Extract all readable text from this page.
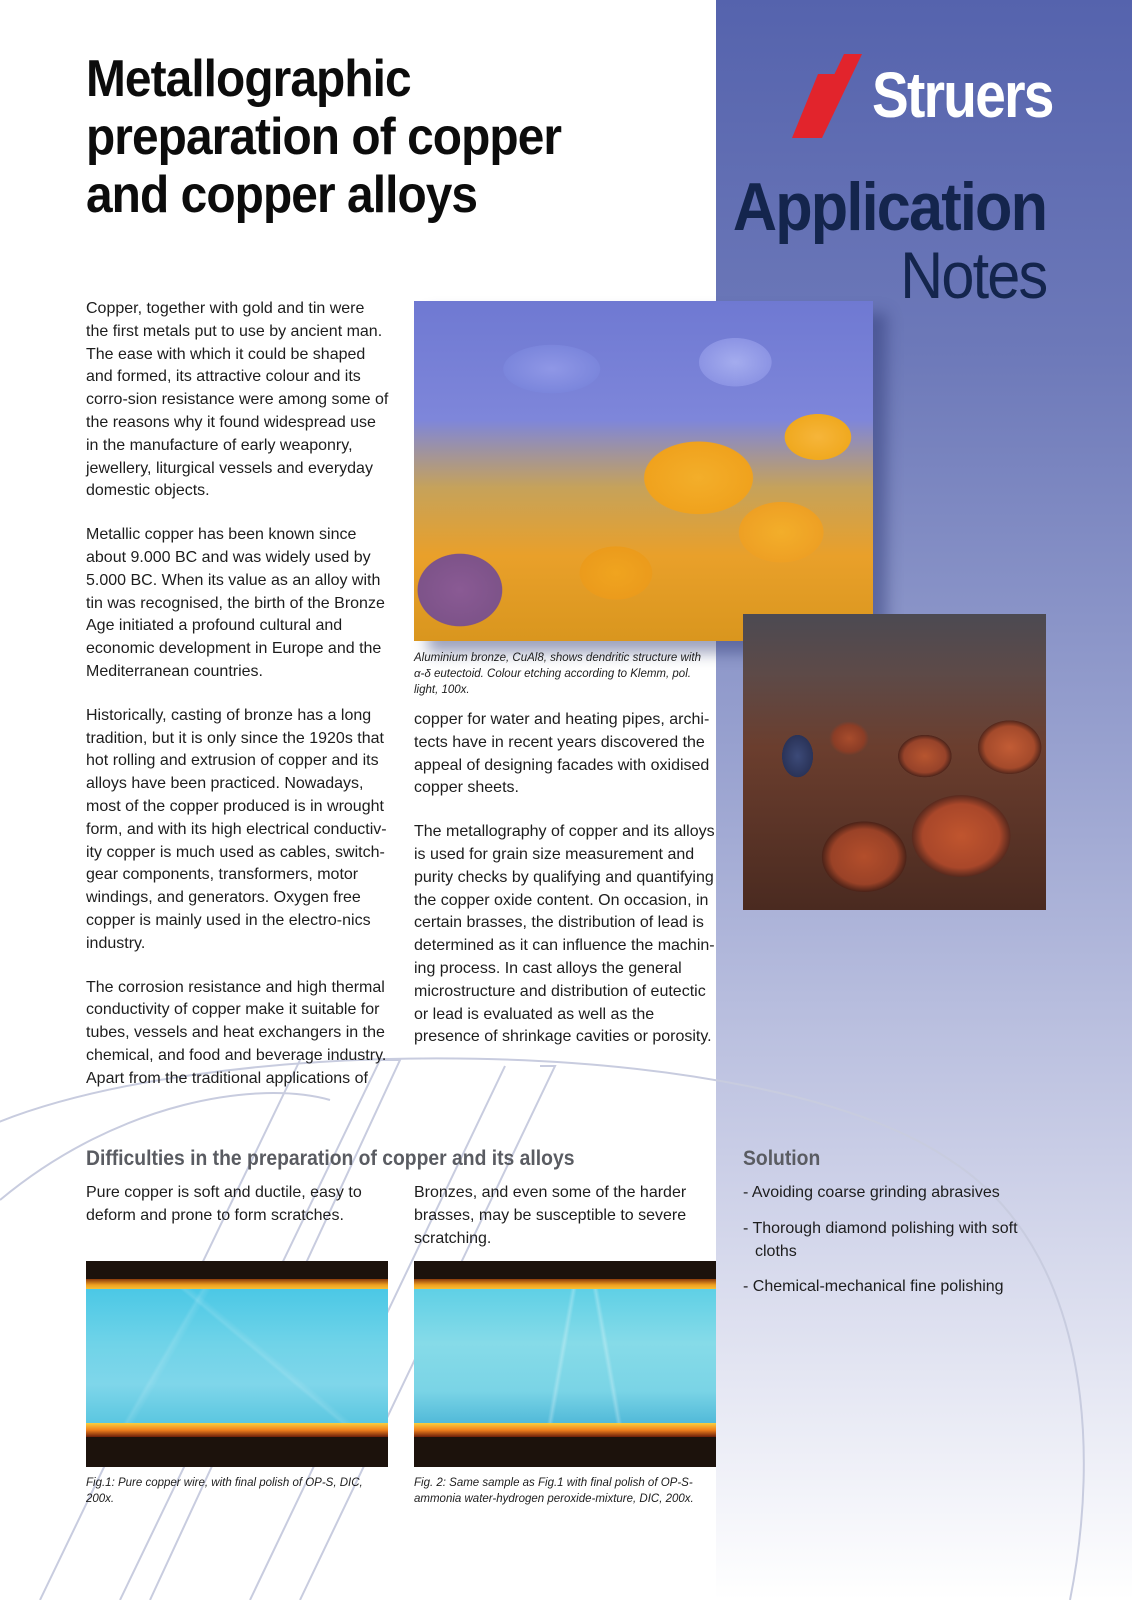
Metallographic preparation of copper and copper alloys
Struers
Application
Notes

Copper, together with gold and tin were the first metals put to use by ancient man. The ease with which it could be shaped and formed, its attractive colour and its corro-sion resistance were among some of the reasons why it found widespread use in the manufacture of early weaponry, jewellery, liturgical vessels and everyday domestic objects.

Metallic copper has been known since about 9.000 BC and was widely used by 5.000 BC. When its value as an alloy with tin was recognised, the birth of the Bronze Age initiated a profound cultural and economic development in Europe and the Mediterranean countries.

Historically, casting of bronze has a long tradition, but it is only since the 1920s that hot rolling and extrusion of copper and its alloys have been practiced. Nowadays, most of the copper produced is in wrought form, and with its high electrical conductiv-ity copper is much used as cables, switch-gear components, transformers, motor windings, and generators. Oxygen free copper is mainly used in the electro-nics industry.

The corrosion resistance and high thermal conductivity of copper make it suitable for tubes, vessels and heat exchangers in the chemical, and food and beverage industry. Apart from the traditional applications of

Aluminium bronze, CuAl8, shows dendritic structure with α-δ eutectoid. Colour etching according to Klemm, pol. light, 100x.

copper for water and heating pipes, archi-tects have in recent years discovered the appeal of designing facades with oxidised copper sheets.

The metallography of copper and its alloys is used for grain size measurement and purity checks by qualifying and quantifying the copper oxide content. On occasion, in certain brasses, the distribution of lead is determined as it can influence the machin-ing process. In cast alloys the general microstructure and distribution of eutectic or lead is evaluated as well as the presence of shrinkage cavities or porosity.

Difficulties in the preparation of copper and its alloys
Pure copper is soft and ductile, easy to deform and prone to form scratches.
Bronzes, and even some of the harder brasses, may be susceptible to severe scratching.
Solution
- Avoiding coarse grinding abrasives
- Thorough diamond polishing with soft cloths
- Chemical-mechanical fine polishing
Fig.1: Pure copper wire, with final polish of OP-S, DIC, 200x.
Fig. 2: Same sample as Fig.1 with final polish of OP-S-ammonia water-hydrogen peroxide-mixture, DIC, 200x.
